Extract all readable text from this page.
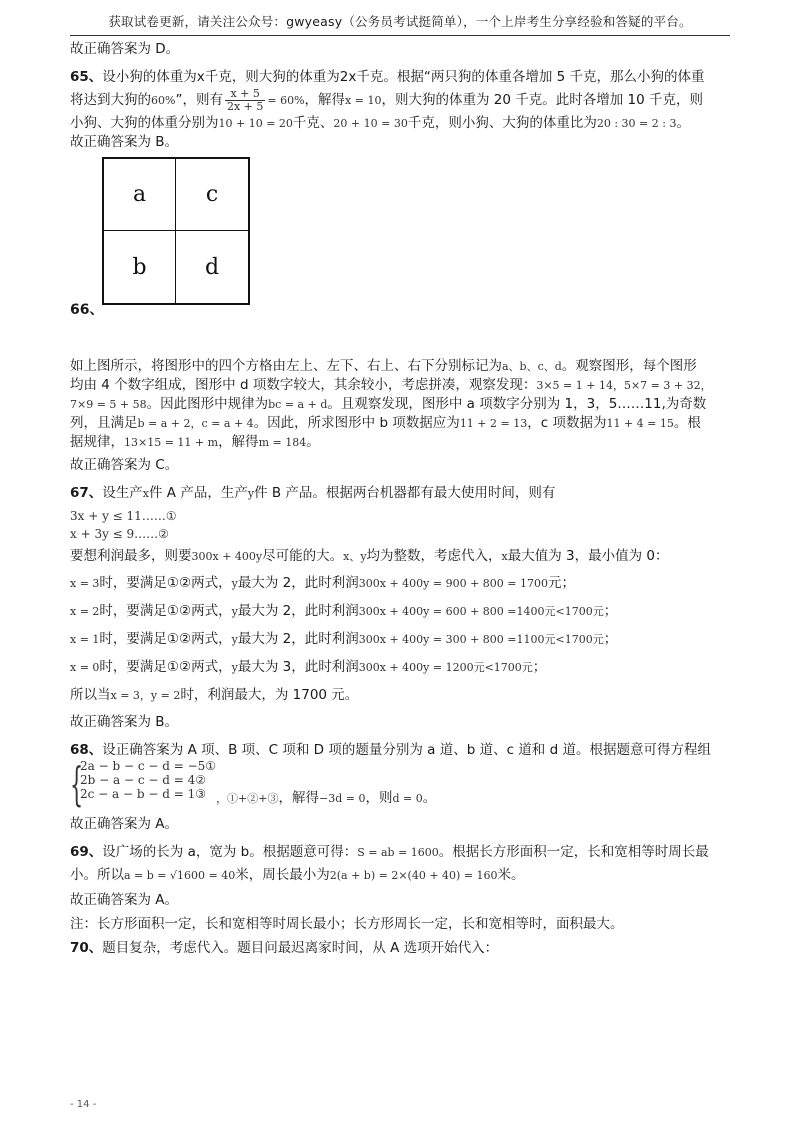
获取试卷更新，请关注公众号：gwyeasy（公务员考试挺简单），一个上岸考生分享经验和答疑的平台。
故正确答案为 D。
65、设小狗的体重为x千克，则大狗的体重为2x千克。根据“两只狗的体重各增加 5 千克，那么小狗的体重
将达到大狗的60%”，则有 $\frac{x + 5}{2x + 5} = 60\%$，解得x = 10，则大狗的体重为 20 千克。此时各增加 10 千克，则
小狗、大狗的体重分别为10 + 10 = 20千克、20 + 10 = 30千克，则小狗、大狗的体重比为20 : 30 = 2 : 3。
故正确答案为 B。
a	c
b	d
66、
如上图所示，将图形中的四个方格由左上、左下、右上、右下分别标记为a、b、c、d。观察图形，每个图形
均由 4 个数字组成，图形中 d 项数字较大，其余较小，考虑拼凑，观察发现：3×5 = 1 + 14，5×7 = 3 + 32，
7×9 = 5 + 58。因此图形中规律为bc = a + d。且观察发现，图形中 a 项数字分别为 1，3，5……11,为奇数
列，且满足b = a + 2，c = a + 4。因此，所求图形中 b 项数据应为11 + 2 = 13，c 项数据为11 + 4 = 15。根
据规律，13×15 = 11 + m，解得m = 184。
故正确答案为 C。
67、设生产x件 A 产品，生产y件 B 产品。根据两台机器都有最大使用时间，则有
3x + y ≤ 11……①
x + 3y ≤ 9……②
要想利润最多，则要300x + 400y尽可能的大。x、y均为整数，考虑代入，x最大值为 3，最小值为 0：
x = 3时，要满足①②两式，y最大为 2，此时利润300x + 400y = 900 + 800 = 1700元；
x = 2时，要满足①②两式，y最大为 2，此时利润300x + 400y = 600 + 800 =1400元<1700元；
x = 1时，要满足①②两式，y最大为 2，此时利润300x + 400y = 300 + 800 =1100元<1700元；
x = 0时，要满足①②两式，y最大为 3，此时利润300x + 400y = 1200元<1700元；
所以当x = 3，y = 2时，利润最大，为 1700 元。
故正确答案为 B。
68、设正确答案为 A 项、B 项、C 项和 D 项的题量分别为 a 道、b 道、c 道和 d 道。根据题意可得方程组
{
2a − b − c − d = −5①
2b − a − c − d = 4②
2c − a − b − d = 1③ ，①+②+③，解得−3d = 0，则d = 0。
故正确答案为 A。
69、设广场的长为 a，宽为 b。根据题意可得：S = ab = 1600。根据长方形面积一定，长和宽相等时周长最
小。所以a = b = √1600 = 40米，周长最小为2(a + b) = 2×(40 + 40) = 160米。
故正确答案为 A。
注：长方形面积一定，长和宽相等时周长最小；长方形周长一定，长和宽相等时，面积最大。
70、题目复杂，考虑代入。题目问最迟离家时间，从 A 选项开始代入：
- 14 -
